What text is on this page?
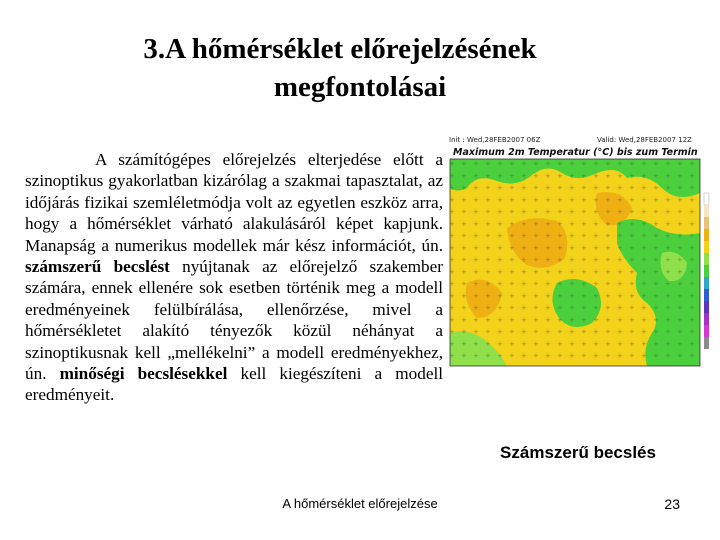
3.A hőmérséklet előrejelzésének
megfontolásai
A számítógépes előrejelzés elterjedése előtt a szinoptikus gyakorlatban kizárólag a szakmai tapasztalat, az időjárás fizikai szemléletmódja volt az egyetlen eszköz arra, hogy a hőmérséklet várható alakulásáról képet kapjunk. Manapság a numerikus modellek már kész információt, ún. számszerű becslést nyújtanak az előrejelző szakember számára, ennek ellenére sok esetben történik meg a modell eredményeinek felülbírálása, ellenőrzése, mivel a hőmérsékletet alakító tényezők közül néhányat a szinoptikusnak kell „mellékelni” a modell eredményekhez, ún. minőségi becslésekkel kell kiegészíteni a modell eredményeit.
Init : Wed,28FEB2007 06Z	Valid: Wed,28FEB2007 12Z
Maximum 2m Temperatur (°C) bis zum Termin
Számszerű becslés
A hőmérséklet előrejelzése	23
